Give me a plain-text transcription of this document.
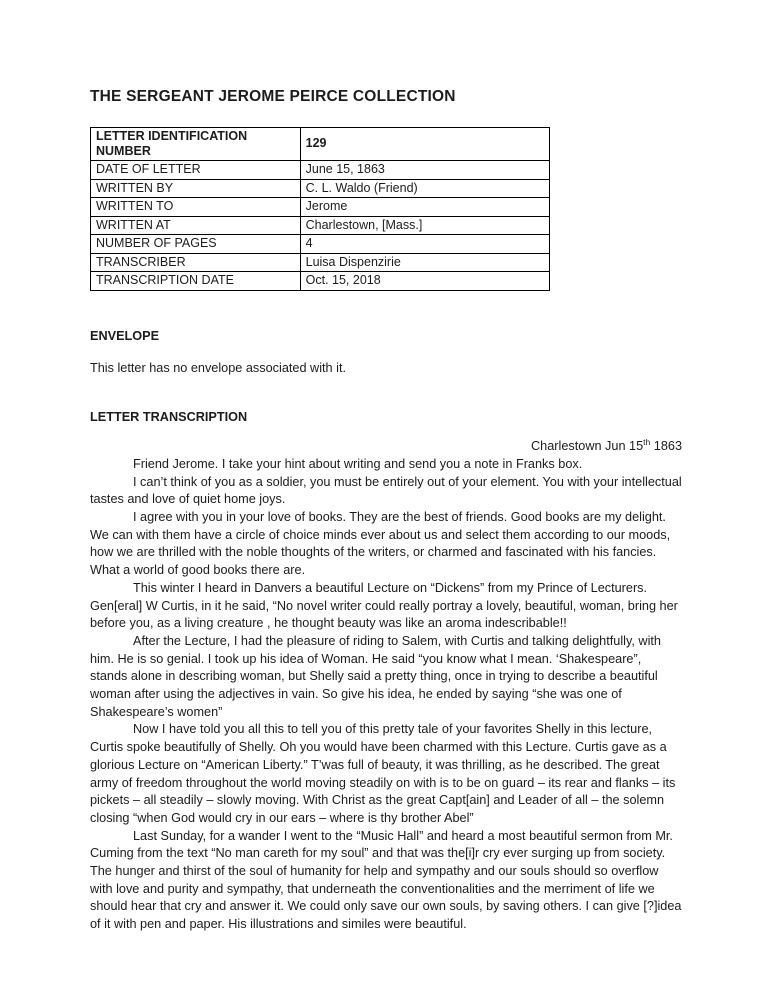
THE SERGEANT JEROME PEIRCE COLLECTION
LETTER IDENTIFICATION NUMBER	129
DATE OF LETTER	June 15, 1863
WRITTEN BY	C. L. Waldo (Friend)
WRITTEN TO	Jerome
WRITTEN AT	Charlestown, [Mass.]
NUMBER OF PAGES	4
TRANSCRIBER	Luisa Dispenzirie
TRANSCRIPTION DATE	Oct. 15, 2018
ENVELOPE

This letter has no envelope associated with it.

LETTER TRANSCRIPTION

Charlestown Jun 15th 1863

Friend Jerome. I take your hint about writing and send you a note in Franks box.

I can’t think of you as a soldier, you must be entirely out of your element. You with your intellectual tastes and love of quiet home joys.

I agree with you in your love of books. They are the best of friends. Good books are my delight. We can with them have a circle of choice minds ever about us and select them according to our moods, how we are thrilled with the noble thoughts of the writers, or charmed and fascinated with his fancies. What a world of good books there are.

This winter I heard in Danvers a beautiful Lecture on “Dickens” from my Prince of Lecturers. Gen[eral] W Curtis, in it he said, “No novel writer could really portray a lovely, beautiful, woman, bring her before you, as a living creature , he thought beauty was like an aroma indescribable!!

After the Lecture, I had the pleasure of riding to Salem, with Curtis and talking delightfully, with him. He is so genial. I took up his idea of Woman. He said “you know what I mean. ‘Shakespeare”, stands alone in describing woman, but Shelly said a pretty thing, once in trying to describe a beautiful woman after using the adjectives in vain. So give his idea, he ended by saying “she was one of Shakespeare’s women”

Now I have told you all this to tell you of this pretty tale of your favorites Shelly in this lecture, Curtis spoke beautifully of Shelly. Oh you would have been charmed with this Lecture. Curtis gave as a glorious Lecture on “American Liberty.” T’was full of beauty, it was thrilling, as he described. The great army of freedom throughout the world moving steadily on with is to be on guard – its rear and flanks – its pickets – all steadily – slowly moving. With Christ as the great Capt[ain] and Leader of all – the solemn closing “when God would cry in our ears – where is thy brother Abel”

Last Sunday, for a wander I went to the “Music Hall” and heard a most beautiful sermon from Mr. Cuming from the text “No man careth for my soul” and that was the[i]r cry ever surging up from society. The hunger and thirst of the soul of humanity for help and sympathy and our souls should so overflow with love and purity and sympathy, that underneath the conventionalities and the merriment of life we should hear that cry and answer it. We could only save our own souls, by saving others. I can give [?]idea of it with pen and paper. His illustrations and similes were beautiful.
